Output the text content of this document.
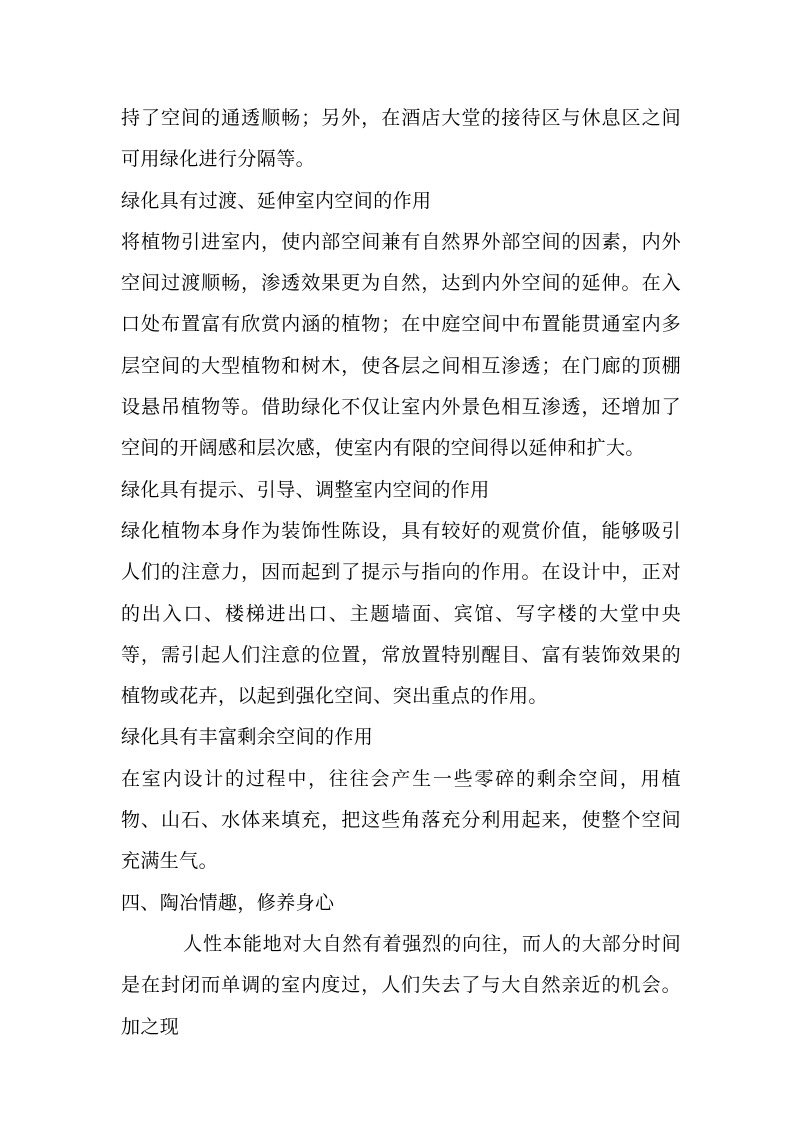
持了空间的通透顺畅；另外，在酒店大堂的接待区与休息区之间可用绿化进行分隔等。

绿化具有过渡、延伸室内空间的作用

将植物引进室内，使内部空间兼有自然界外部空间的因素，内外空间过渡顺畅，渗透效果更为自然，达到内外空间的延伸。在入口处布置富有欣赏内涵的植物；在中庭空间中布置能贯通室内多层空间的大型植物和树木，使各层之间相互渗透；在门廊的顶棚设悬吊植物等。借助绿化不仅让室内外景色相互渗透，还增加了空间的开阔感和层次感，使室内有限的空间得以延伸和扩大。

绿化具有提示、引导、调整室内空间的作用

绿化植物本身作为装饰性陈设，具有较好的观赏价值，能够吸引人们的注意力，因而起到了提示与指向的作用。在设计中，正对的出入口、楼梯进出口、主题墙面、宾馆、写字楼的大堂中央等，需引起人们注意的位置，常放置特别醒目、富有装饰效果的植物或花卉，以起到强化空间、突出重点的作用。

绿化具有丰富剩余空间的作用

在室内设计的过程中，往往会产生一些零碎的剩余空间，用植物、山石、水体来填充，把这些角落充分利用起来，使整个空间充满生气。

四、陶冶情趣，修养身心

人性本能地对大自然有着强烈的向往，而人的大部分时间是在封闭而单调的室内度过，人们失去了与大自然亲近的机会。加之现
